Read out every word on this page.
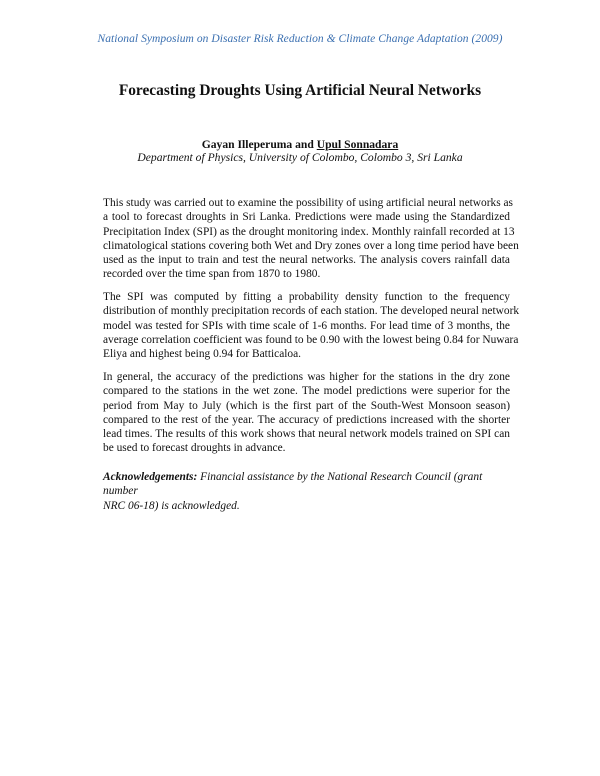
National Symposium on Disaster Risk Reduction & Climate Change Adaptation (2009)
Forecasting Droughts Using Artificial Neural Networks
Gayan Illeperuma and Upul Sonnadara
Department of Physics, University of Colombo, Colombo 3, Sri Lanka
This study was carried out to examine the possibility of using artificial neural networks as
a tool to forecast droughts in Sri Lanka. Predictions were made using the Standardized
Precipitation Index (SPI) as the drought monitoring index. Monthly rainfall recorded at 13
climatological stations covering both Wet and Dry zones over a long time period have been
used as the input to train and test the neural networks. The analysis covers rainfall data
recorded over the time span from 1870 to 1980.
The SPI was computed by fitting a probability density function to the frequency
distribution of monthly precipitation records of each station. The developed neural network
model was tested for SPIs with time scale of 1-6 months. For lead time of 3 months, the
average correlation coefficient was found to be 0.90 with the lowest being 0.84 for Nuwara
Eliya and highest being 0.94 for Batticaloa.
In general, the accuracy of the predictions was higher for the stations in the dry zone
compared to the stations in the wet zone. The model predictions were superior for the
period from May to July (which is the first part of the South-West Monsoon season)
compared to the rest of the year. The accuracy of predictions increased with the shorter
lead times. The results of this work shows that neural network models trained on SPI can
be used to forecast droughts in advance.
Acknowledgements: Financial assistance by the National Research Council (grant number
NRC 06-18) is acknowledged.
